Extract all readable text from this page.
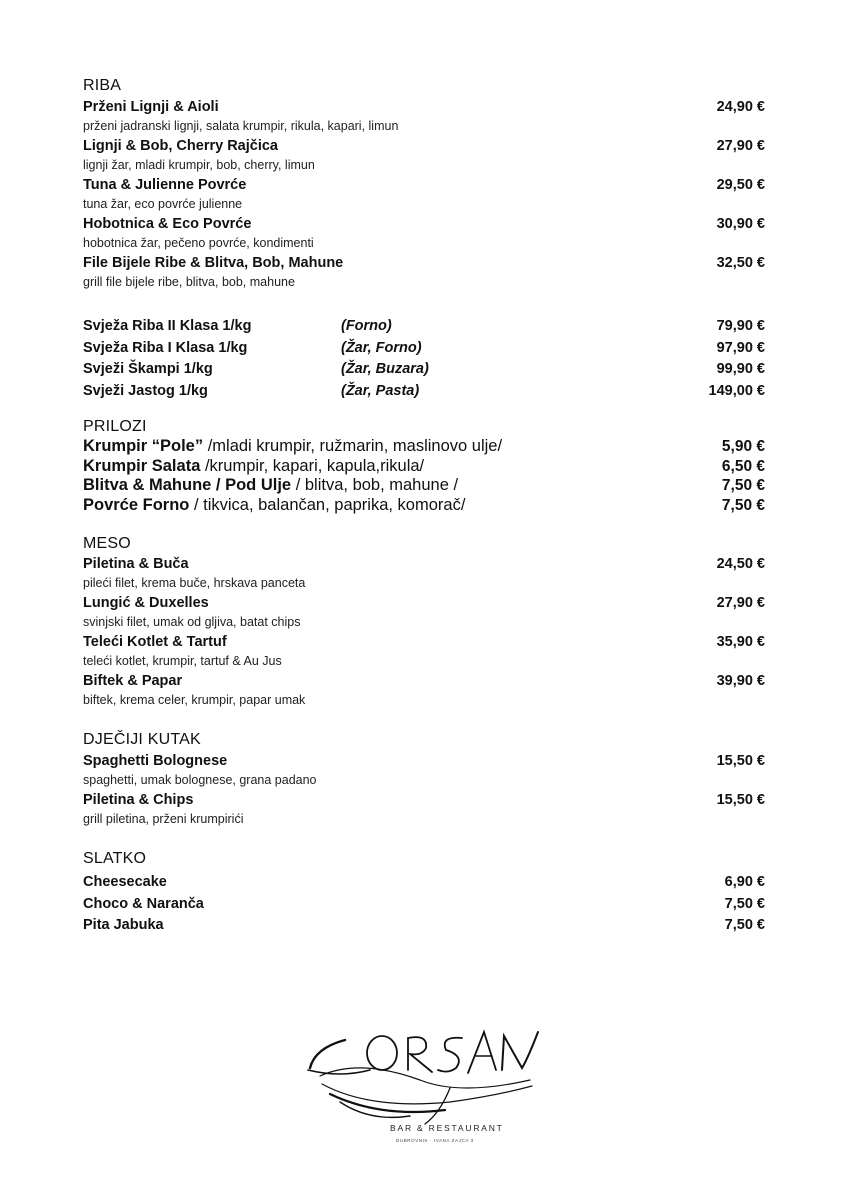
RIBA
Prženi Lignji & Aioli	24,90 €
prženi jadranski lignji, salata krumpir, rikula, kapari, limun
Lignji & Bob, Cherry Rajčica	27,90 €
lignji žar, mladi krumpir, bob, cherry, limun
Tuna & Julienne Povrće	29,50 €
tuna žar, eco povrće julienne
Hobotnica & Eco Povrće	30,90 €
hobotnica žar, pečeno povrće, kondimenti
File Bijele Ribe & Blitva, Bob, Mahune	32,50 €
grill file bijele ribe, blitva, bob, mahune
Svježa Riba II Klasa 1/kg	(Forno)	79,90 €
Svježa Riba I Klasa 1/kg	(Žar, Forno)	97,90 €
Svježi Škampi 1/kg	(Žar, Buzara)	99,90 €
Svježi Jastog 1/kg	(Žar, Pasta)	149,00 €
PRILOZI
Krumpir “Pole” /mladi krumpir, ružmarin, maslinovo ulje/	5,90 €
Krumpir Salata /krumpir, kapari, kapula,rikula/	6,50 €
Blitva & Mahune / Pod Ulje / blitva, bob, mahune /	7,50 €
Povrće Forno / tikvica, balančan, paprika, komorač/	7,50 €
MESO
Piletina & Buča	24,50 €
pileći filet, krema buče, hrskava panceta
Lungić & Duxelles	27,90 €
svinjski filet, umak od gljiva, batat chips
Teleći Kotlet & Tartuf	35,90 €
teleći kotlet, krumpir, tartuf & Au Jus
Biftek & Papar	39,90 €
biftek, krema celer, krumpir, papar umak
DJEČIJI KUTAK
Spaghetti Bolognese	15,50 €
spaghetti, umak bolognese, grana padano
Piletina & Chips	15,50 €
grill piletina, prženi krumpirići
SLATKO
Cheesecake	6,90 €
Choco & Naranča	7,50 €
Pita Jabuka	7,50 €
BAR & RESTAURANT
DUBROVNIK · IVANA ZAJCA 3
